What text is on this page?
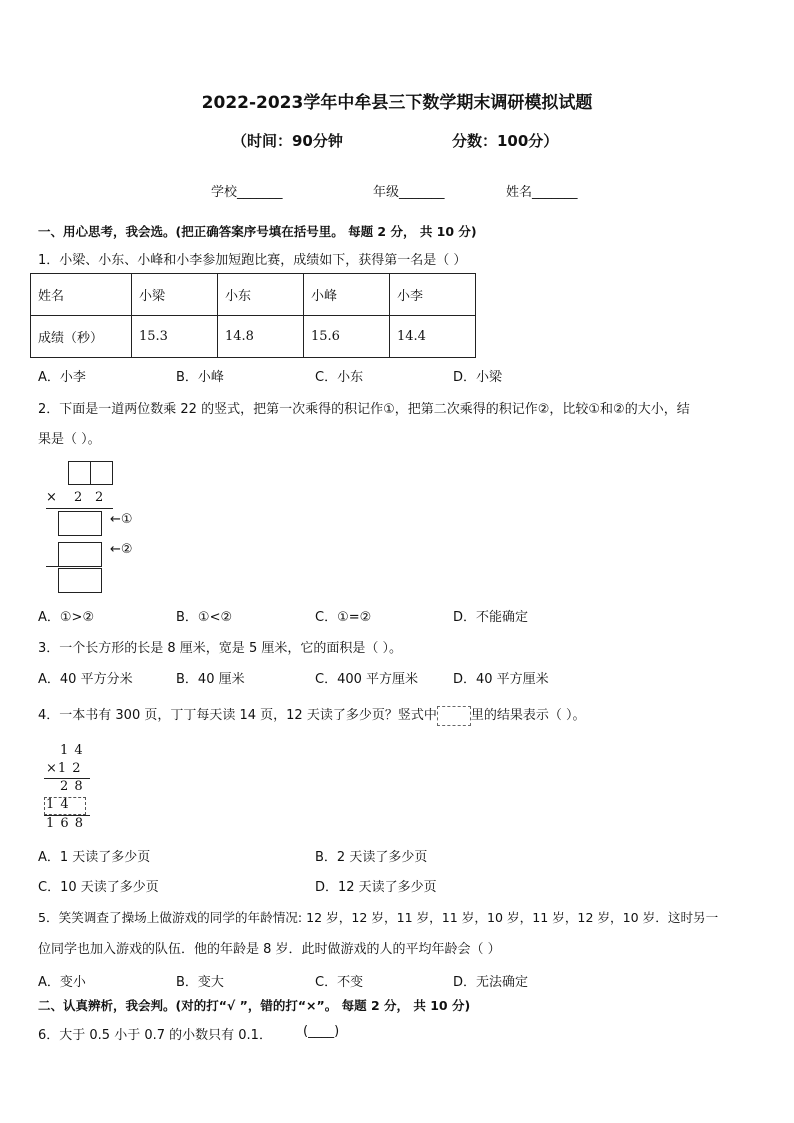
2022-2023学年中牟县三下数学期末调研模拟试题
（时间：90分钟	分数：100分）
学校_______	年级_______	姓名_______
一、用心思考，我会选。(把正确答案序号填在括号里。 每题 2 分， 共 10 分)
1．小梁、小东、小峰和小李参加短跑比赛，成绩如下，获得第一名是（ ）
姓名	小梁	小东	小峰	小李
成绩（秒）	15.3	14.8	15.6	14.4
A．小李	B．小峰	C．小东	D．小梁
2．下面是一道两位数乘 22 的竖式，把第一次乘得的积记作①，把第二次乘得的积记作②，比较①和②的大小，结
果是（ ）。
× 2 2
←①
←②
A．①>②	B．①<②	C．①=②	D．不能确定
3．一个长方形的长是 8 厘米，宽是 5 厘米，它的面积是（ ）。
A．40 平方分米	B．40 厘米	C．400 平方厘米	D．40 平方厘米
4．一本书有 300 页，丁丁每天读 14 页，12 天读了多少页？竖式中	里的结果表示（ ）。
1 4
×1 2
2 8
1 4
1 6 8
A．1 天读了多少页	B．2 天读了多少页
C．10 天读了多少页	D．12 天读了多少页
5．笑笑调查了操场上做游戏的同学的年龄情况: 12 岁，12 岁，11 岁，11 岁，10 岁，11 岁，12 岁，10 岁．这时另一
位同学也加入游戏的队伍．他的年龄是 8 岁．此时做游戏的人的平均年龄会（ ）
A．变小	B．变大	C．不变	D．无法确定
二、认真辨析，我会判。(对的打“√ ”，错的打“×”。 每题 2 分， 共 10 分)
6．大于 0.5 小于 0.7 的小数只有 0.1． (____)
